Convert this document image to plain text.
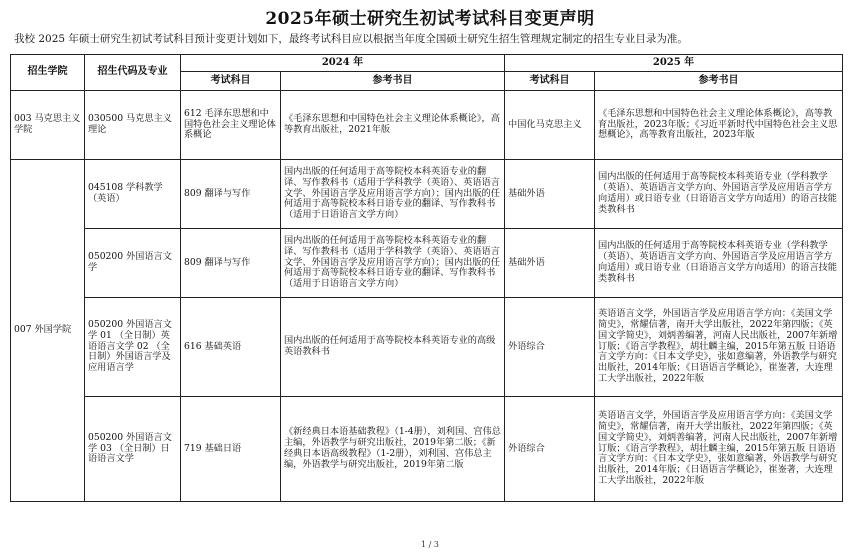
2025年硕士研究生初试考试科目变更声明
我校 2025 年硕士研究生初试考试科目预计变更计划如下，最终考试科目应以根据当年度全国硕士研究生招生管理规定制定的招生专业目录为准。
招生学院	招生代码及专业	2024 年		2025 年	
		考试科目	参考书目	考试科目	参考书目
003 马克思主义学院	030500 马克思主义理论	612 毛泽东思想和中国特色社会主义理论体系概论	《毛泽东思想和中国特色社会主义理论体系概论》，高等教育出版社，2021年版	中国化马克思主义	《毛泽东思想和中国特色社会主义理论体系概论》，高等教育出版社，2023年版；《习近平新时代中国特色社会主义思想概论》，高等教育出版社，2023年版
007 外国学院	045108 学科教学（英语）	809 翻译与写作	国内出版的任何适用于高等院校本科英语专业的翻译、写作教科书（适用于学科教学（英语）、英语语言文学、外国语言学及应用语言学方向）；国内出版的任何适用于高等院校本科日语专业的翻译、写作教科书（适用于日语语言文学方向）	基础外语	国内出版的任何适用于高等院校本科英语专业（学科教学（英语）、英语语言文学方向、外国语言学及应用语言学方向适用）或日语专业（日语语言文学方向适用）的语言技能类教科书
	050200 外国语言文学	809 翻译与写作	国内出版的任何适用于高等院校本科英语专业的翻译、写作教科书（适用于学科教学（英语）、英语语言文学、外国语言学及应用语言学方向）；国内出版的任何适用于高等院校本科日语专业的翻译、写作教科书（适用于日语语言文学方向）	基础外语	国内出版的任何适用于高等院校本科英语专业（学科教学（英语）、英语语言文学方向、外国语言学及应用语言学方向适用）或日语专业（日语语言文学方向适用）的语言技能类教科书
	050200 外国语言文学 01 （全日制）英语语言文学 02 （全日制）外国语言学及应用语言学	616 基础英语	国内出版的任何适用于高等院校本科英语专业的高级英语教科书	外语综合	英语语言文学，外国语言学及应用语言学方向：《美国文学简史》，常耀信著，南开大学出版社，2022年第四版；《英国文学简史》，刘炳善编著，河南人民出版社，2007年新增订版；《语言学教程》，胡壮麟主编，2015年第五版 日语语言文学方向：《日本文学史》，张如意编著，外语教学与研究出版社，2014年版；《日语语言学概论》，崔崟著，大连理工大学出版社，2022年版
	050200 外国语言文学 03 （全日制）日语语言文学	719 基础日语	《新经典日本语基础教程》（1-4册），刘利国、宫伟总主编，外语教学与研究出版社，2019年第二版；《新经典日本语高级教程》（1-2册），刘利国、宫伟总主编，外语教学与研究出版社，2019年第二版	外语综合	英语语言文学，外国语言学及应用语言学方向：《美国文学简史》，常耀信著，南开大学出版社，2022年第四版；《英国文学简史》，刘炳善编著，河南人民出版社，2007年新增订版；《语言学教程》，胡壮麟主编，2015年第五版 日语语言文学方向：《日本文学史》，张如意编著，外语教学与研究出版社，2014年版；《日语语言学概论》，崔崟著，大连理工大学出版社，2022年版
1 / 3
